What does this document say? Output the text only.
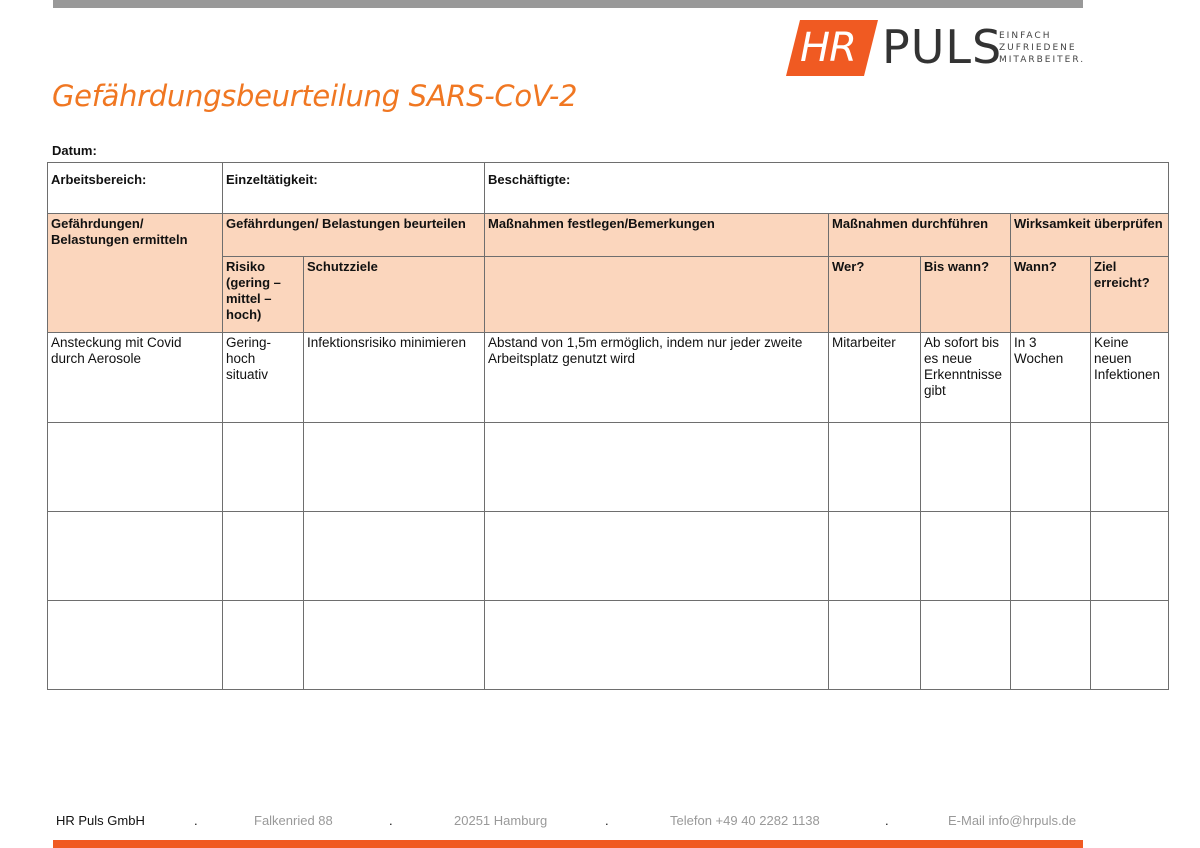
HR PULS
EINFACH
ZUFRIEDENE
MITARBEITER.
Gefährdungsbeurteilung SARS-CoV-2
Datum:
Arbeitsbereich:	Einzeltätigkeit:		Beschäftigte:				
Gefährdungen/ Belastungen ermitteln	Gefährdungen/ Belastungen beurteilen		Maßnahmen festlegen/Bemerkungen	Maßnahmen durchführen		Wirksamkeit überprüfen	
	Risiko (gering – mittel – hoch)	Schutzziele		Wer?	Bis wann?	Wann?	Ziel erreicht?
Ansteckung mit Covid durch Aerosole	Gering-hoch situativ	Infektionsrisiko minimieren	Abstand von 1,5m ermöglich, indem nur jeder zweite Arbeitsplatz genutzt wird	Mitarbeiter	Ab sofort bis es neue Erkenntnisse gibt	In 3 Wochen	Keine neuen Infektionen

HR Puls GmbH	.	Falkenried 88	.	20251 Hamburg	.	Telefon +49 40 2282 1138	.	E-Mail info@hrpuls.de
